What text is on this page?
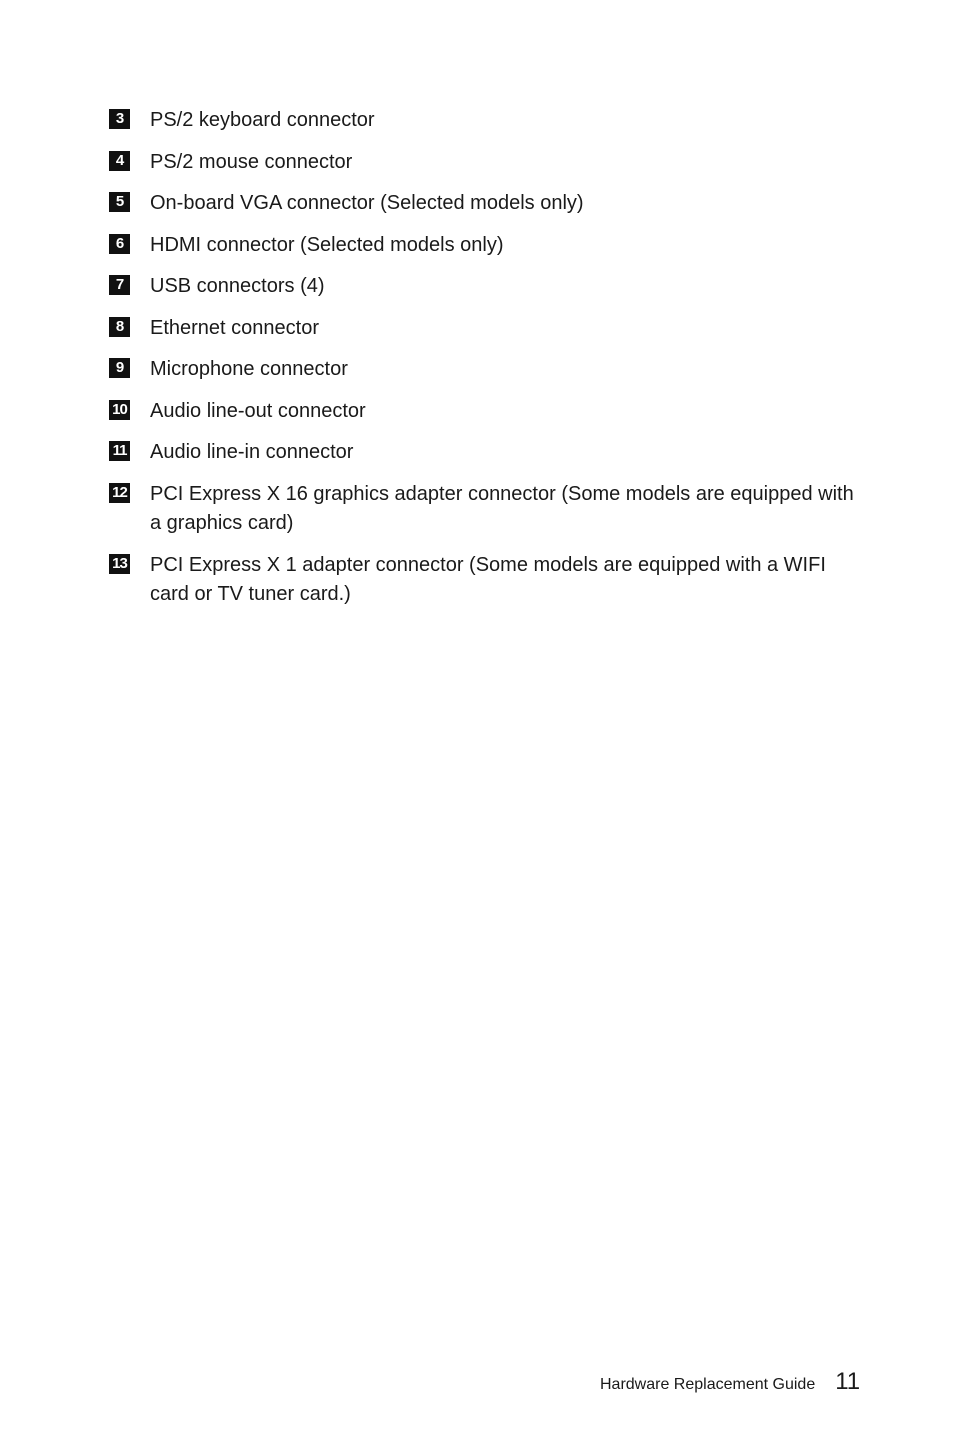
3	PS/2 keyboard connector
4	PS/2 mouse connector
5	On-board VGA connector (Selected models only)
6	HDMI connector (Selected models only)
7	USB connectors (4)
8	Ethernet connector
9	Microphone connector
10 Audio line-out connector
11 Audio line-in connector
12 PCI Express X 16 graphics adapter connector (Some models are equipped with a graphics card)
13 PCI Express X 1 adapter connector (Some models are equipped with a WIFI card or TV tuner card.)
Hardware Replacement Guide 11
